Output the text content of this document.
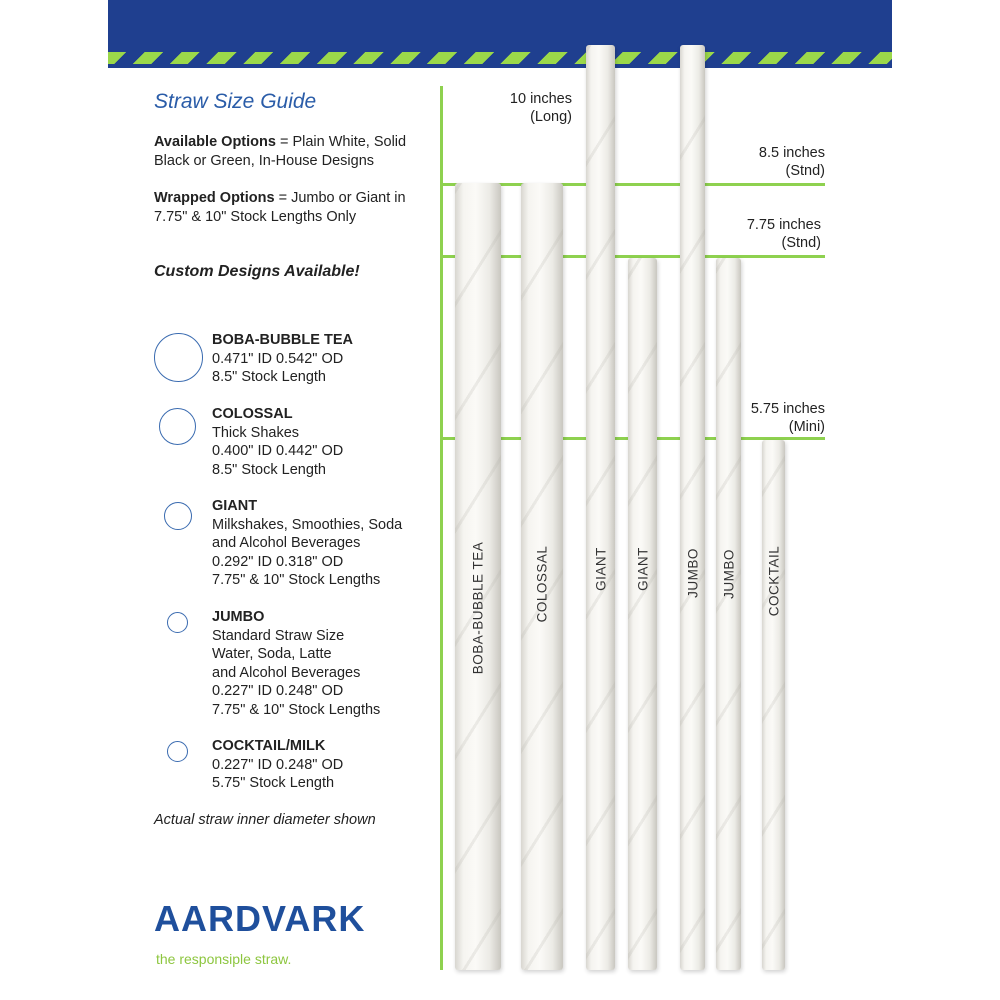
Straw Size Guide
Available Options = Plain White, Solid
Black or Green, In-House Designs
Wrapped Options = Jumbo or Giant in
7.75" & 10" Stock Lengths Only
Custom Designs Available!
BOBA-BUBBLE TEA
0.471" ID 0.542" OD
8.5" Stock Length
COLOSSAL
Thick Shakes
0.400" ID 0.442" OD
8.5" Stock Length
GIANT
Milkshakes, Smoothies, Soda
and Alcohol Beverages
0.292" ID 0.318" OD
7.75" & 10" Stock Lengths
JUMBO
Standard Straw Size
Water, Soda, Latte
and Alcohol Beverages
0.227" ID 0.248" OD
7.75" & 10" Stock Lengths
COCKTAIL/MILK
0.227" ID 0.248" OD
5.75" Stock Length
Actual straw inner diameter shown
AARDVARK
the responsiple straw.
10 inches
(Long)
8.5 inches
(Stnd)
7.75 inches
(Stnd)
5.75 inches
(Mini)
BOBA-BUBBLE TEA	COLOSSAL	GIANT GIANT	JUMBO JUMBO COCKTAIL
